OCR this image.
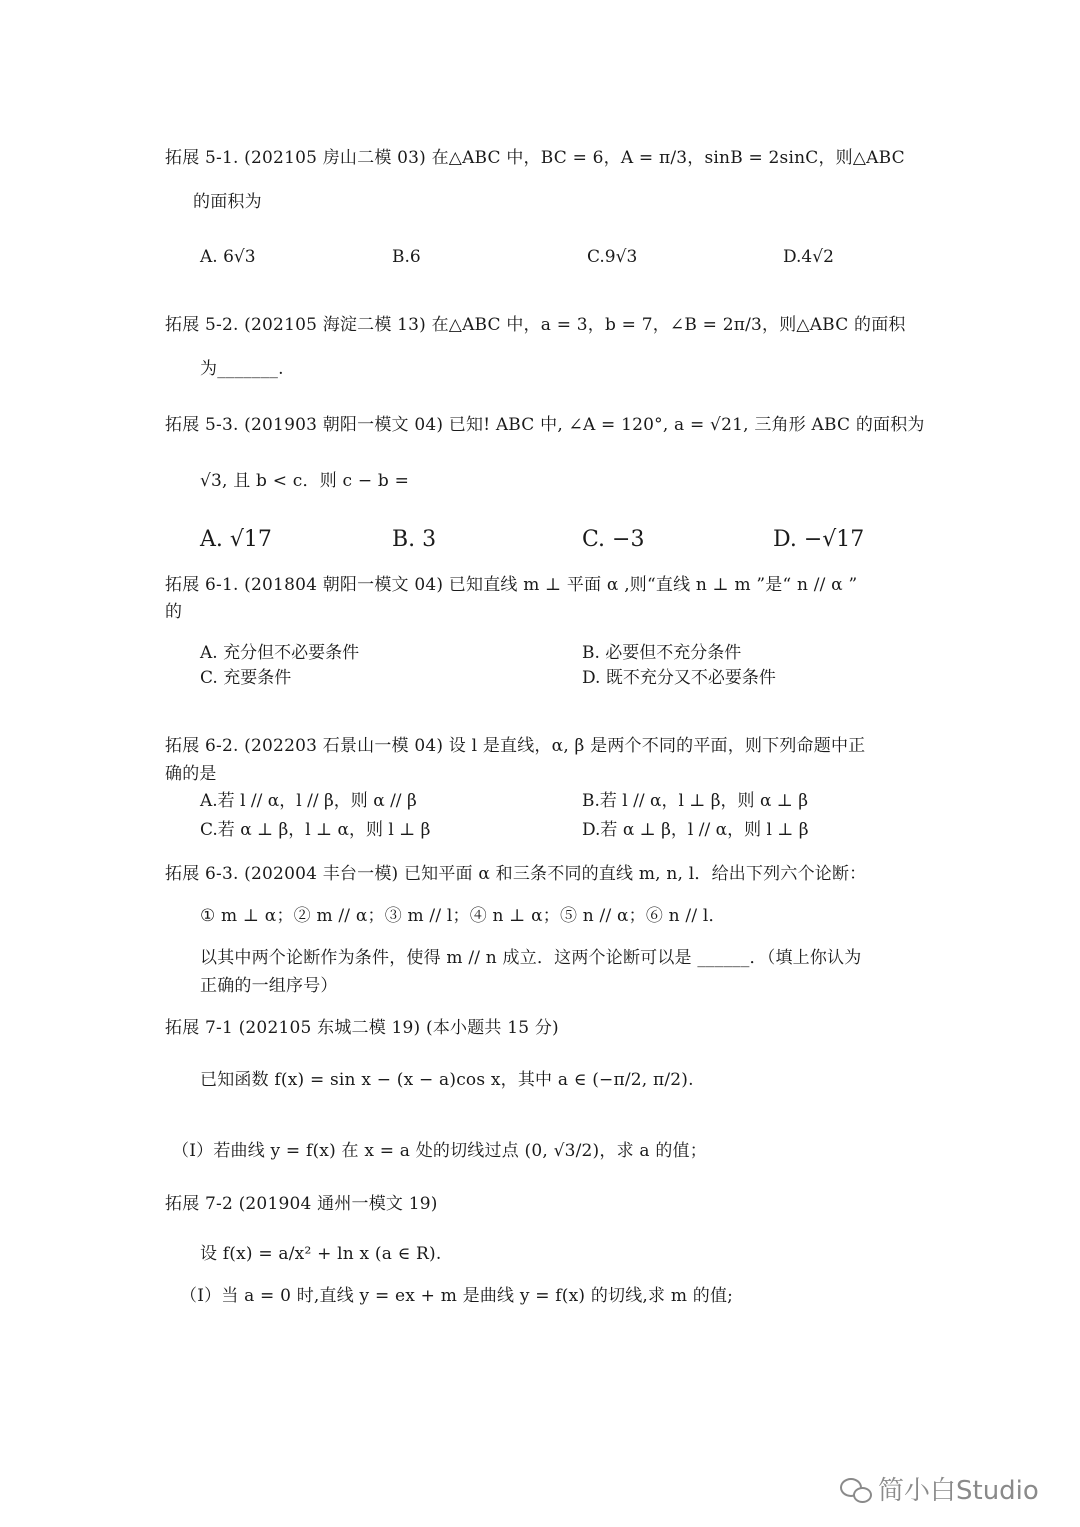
拓展 5-1. (202105 房山二模 03) 在△ABC 中，BC = 6，A = π/3，sinB = 2sinC，则△ABC
的面积为
A. 6√3	B.6	C.9√3	D.4√2
拓展 5-2. (202105 海淀二模 13) 在△ABC 中，a = 3，b = 7，∠B = 2π/3，则△ABC 的面积
为_______.
拓展 5-3. (201903 朝阳一模文 04) 已知! ABC 中, ∠A = 120°, a = √21, 三角形 ABC 的面积为
√3, 且 b < c．则 c − b =
A. √17	B. 3	C. −3	D. −√17
拓展 6-1. (201804 朝阳一模文 04) 已知直线 m ⊥ 平面 α ,则“直线 n ⊥ m ”是“ n // α ”
的
A. 充分但不必要条件	B. 必要但不充分条件
C. 充要条件	D. 既不充分又不必要条件
拓展 6-2. (202203 石景山一模 04) 设 l 是直线，α, β 是两个不同的平面，则下列命题中正
确的是
A.若 l // α，l // β，则 α // β	B.若 l // α，l ⊥ β，则 α ⊥ β
C.若 α ⊥ β，l ⊥ α，则 l ⊥ β	D.若 α ⊥ β，l // α，则 l ⊥ β
拓展 6-3. (202004 丰台一模) 已知平面 α 和三条不同的直线 m, n, l．给出下列六个论断：
① m ⊥ α；② m // α；③ m // l；④ n ⊥ α；⑤ n // α；⑥ n // l．
以其中两个论断作为条件，使得 m // n 成立．这两个论断可以是 ______．（填上你认为
正确的一组序号）
拓展 7-1 (202105 东城二模 19) (本小题共 15 分)
已知函数 f(x) = sin x − (x − a)cos x，其中 a ∈ (−π/2, π/2).
（Ⅰ）若曲线 y = f(x) 在 x = a 处的切线过点 (0, √3/2)，求 a 的值；
拓展 7-2 (201904 通州一模文 19)
设 f(x) = a/x² + ln x (a ∈ R).
（Ⅰ）当 a = 0 时,直线 y = ex + m 是曲线 y = f(x) 的切线,求 m 的值;
简小白Studio
